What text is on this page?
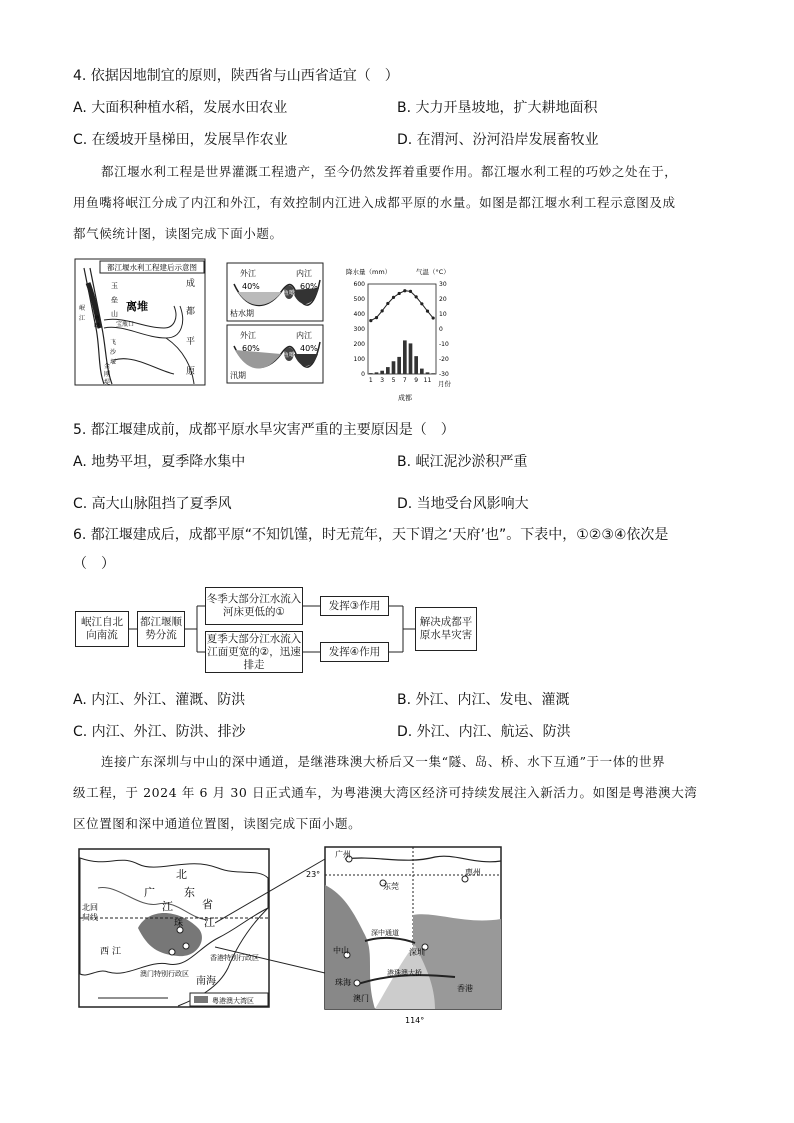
4. 依据因地制宜的原则，陕西省与山西省适宜（　）
A. 大面积种植水稻，发展水田农业	B. 大力开垦坡地，扩大耕地面积
C. 在缓坡开垦梯田，发展旱作农业	D. 在渭河、汾河沿岸发展畜牧业

都江堰水利工程是世界灌溉工程遗产，至今仍然发挥着重要作用。都江堰水利工程的巧妙之处在于，

用鱼嘴将岷江分成了内江和外江，有效控制内江进入成都平原的水量。如图是都江堰水利工程示意图及成

都气候统计图，读图完成下面小题。

都江堰水利工程建后示意图
玉
垒
山
宝瓶口
离堆
飞
沙
堰
鱼
嘴
岷
江
成
都
平
原
金
刚
堤
鱼嘴
外江	内江
40%	60%
枯水期
鱼嘴
外江	内江
60%	40%
汛期
降水量（mm）	气温（°C）
月份
成都
600
500
400
300
200
100
0
30
20
10
0
-10
-20
-30
1 3 5 7 9 11
5. 都江堰建成前，成都平原水旱灾害严重的主要原因是（　）
A. 地势平坦，夏季降水集中	B. 岷江泥沙淤积严重
C. 高大山脉阻挡了夏季风	D. 当地受台风影响大
6. 都江堰建成后，成都平原“不知饥馑，时无荒年，天下谓之‘天府’也”。下表中，①②③④依次是
（　）
岷江自北向南流
都江堰顺势分流
冬季大部分江水流入河床更低的①
夏季大部分江水流入江面更宽的②，迅速排走
发挥③作用
发挥④作用
解决成都平原水旱灾害
A. 内江、外江、灌溉、防洪	B. 外江、内江、发电、灌溉
C. 内江、外江、防洪、排沙	D. 外江、内江、航运、防洪

连接广东深圳与中山的深中通道，是继港珠澳大桥后又一集“隧、岛、桥、水下互通”于一体的世界

级工程，于 2024 年 6 月 30 日正式通车，为粤港澳大湾区经济可持续发展注入新活力。如图是粤港澳大湾

区位置图和深中通道位置图，读图完成下面小题。

北
广	东
江	省
江
北回
归线
西 江
珠
香港特别行政区
澳门特别行政区
南海
粤港澳大湾区
23°
114°
广州
东莞
惠州
中山	深圳
珠海
澳门
香港
深中通道
港珠澳大桥
